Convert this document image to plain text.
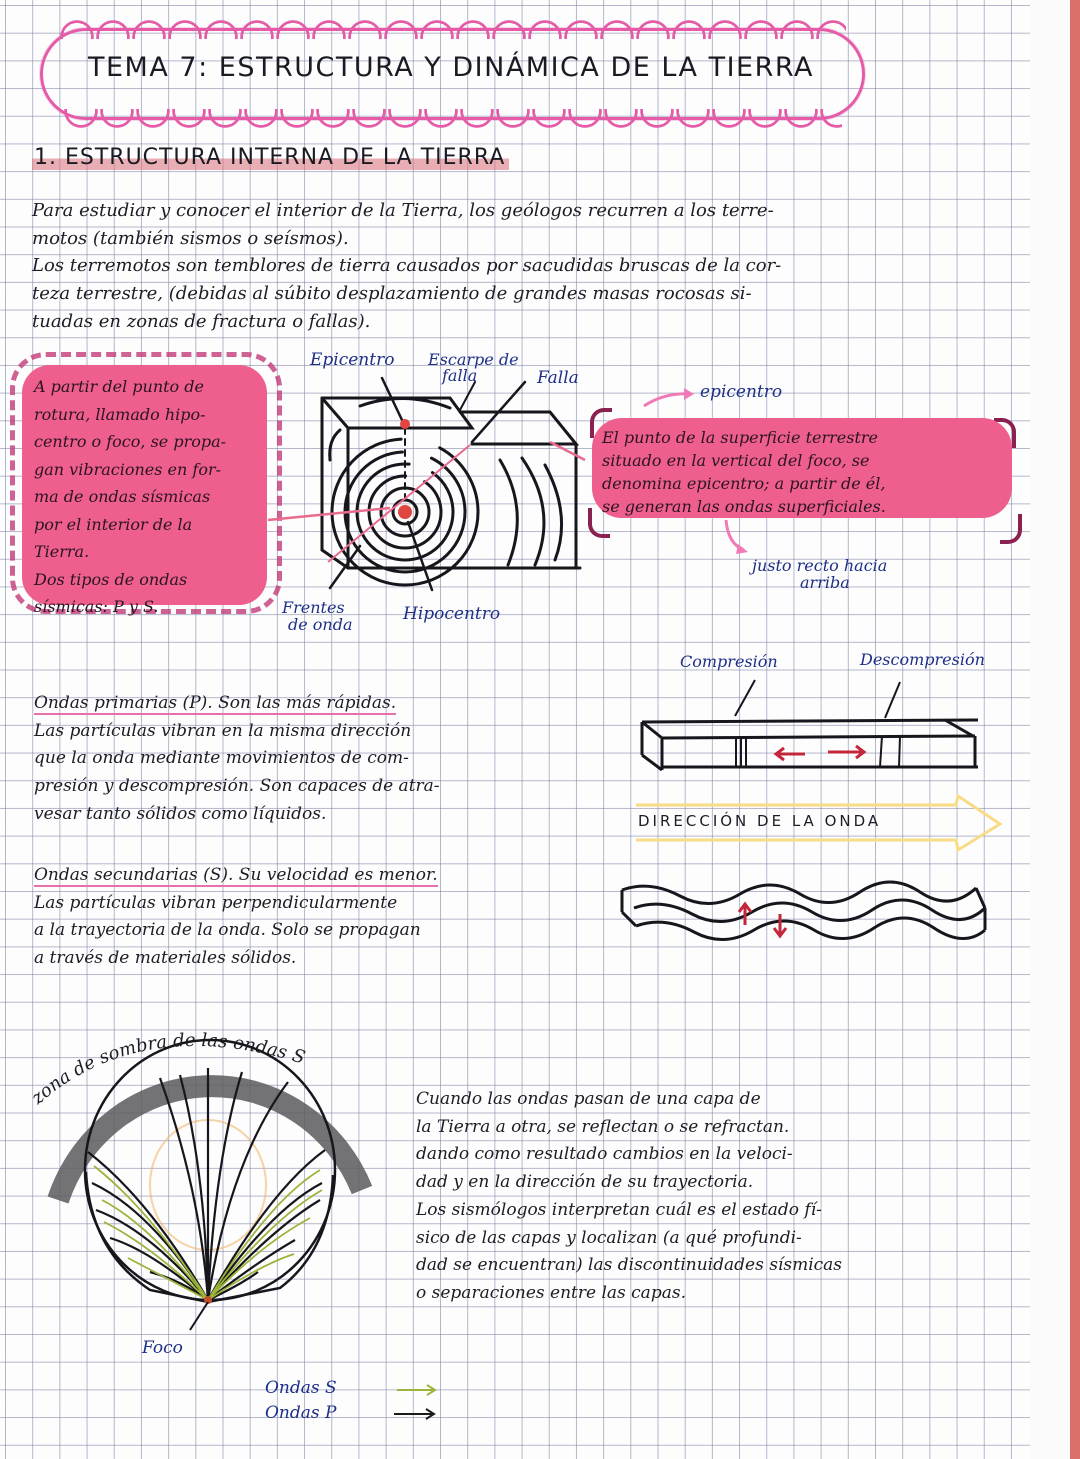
TEMA 7: ESTRUCTURA Y DINÁMICA DE LA TIERRA
1. ESTRUCTURA INTERNA DE LA TIERRA
Para estudiar y conocer el interior de la Tierra, los geólogos recurren a los terre-
motos (también sismos o seísmos).
Los terremotos son temblores de tierra causados por sacudidas bruscas de la cor-
teza terrestre, (debidas al súbito desplazamiento de grandes masas rocosas si-
tuadas en zonas de fractura o fallas).
A partir del punto de
rotura, llamado hipo-
centro o foco, se propa-
gan vibraciones en for-
ma de ondas sísmicas
por el interior de la
Tierra.
Dos tipos de ondas
sísmicas: P y S.
Epicentro Escarpe de
falla	Falla
Frentes
de onda
Hipocentro
epicentro
El punto de la superficie terrestre
situado en la vertical del foco, se
denomina epicentro; a partir de él,
se generan las ondas superficiales.
justo recto hacia
arriba
Ondas primarias (P). Son las más rápidas.
Las partículas vibran en la misma dirección
que la onda mediante movimientos de com-
presión y descompresión. Son capaces de atra-
vesar tanto sólidos como líquidos.
Compresión	Descompresión
DIRECCIÓN DE LA ONDA
Ondas secundarias (S). Su velocidad es menor.
Las partículas vibran perpendicularmente
a la trayectoria de la onda. Solo se propagan
a través de materiales sólidos.
zona de sombra de las ondas S
Foco
Ondas S
Ondas P
Cuando las ondas pasan de una capa de
la Tierra a otra, se reflectan o se refractan.
dando como resultado cambios en la veloci-
dad y en la dirección de su trayectoria.
Los sismólogos interpretan cuál es el estado fí-
sico de las capas y localizan (a qué profundi-
dad se encuentran) las discontinuidades sísmicas
o separaciones entre las capas.
